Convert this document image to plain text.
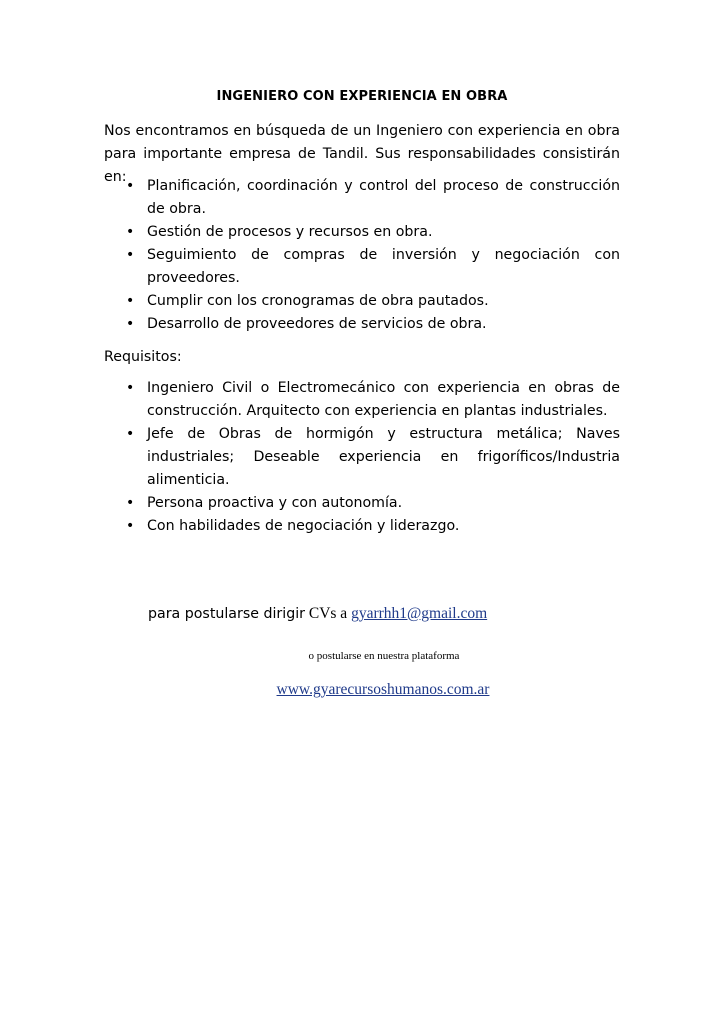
INGENIERO CON EXPERIENCIA EN OBRA
Nos encontramos en búsqueda de un Ingeniero con experiencia en obra para importante empresa de Tandil. Sus responsabilidades consistirán en:
• Planificación, coordinación y control del proceso de construcción de obra.
• Gestión de procesos y recursos en obra.
• Seguimiento de compras de inversión y negociación con proveedores.
• Cumplir con los cronogramas de obra pautados.
• Desarrollo de proveedores de servicios de obra.
Requisitos:
• Ingeniero Civil o Electromecánico con experiencia en obras de construcción. Arquitecto con experiencia en plantas industriales.
• Jefe de Obras de hormigón y estructura metálica; Naves industriales; Deseable experiencia en frigoríficos/Industria alimenticia.
• Persona proactiva y con autonomía.
• Con habilidades de negociación y liderazgo.
para postularse dirigir CVs a gyarrhh1@gmail.com
o postularse en nuestra plataforma
www.gyarecursoshumanos.com.ar
